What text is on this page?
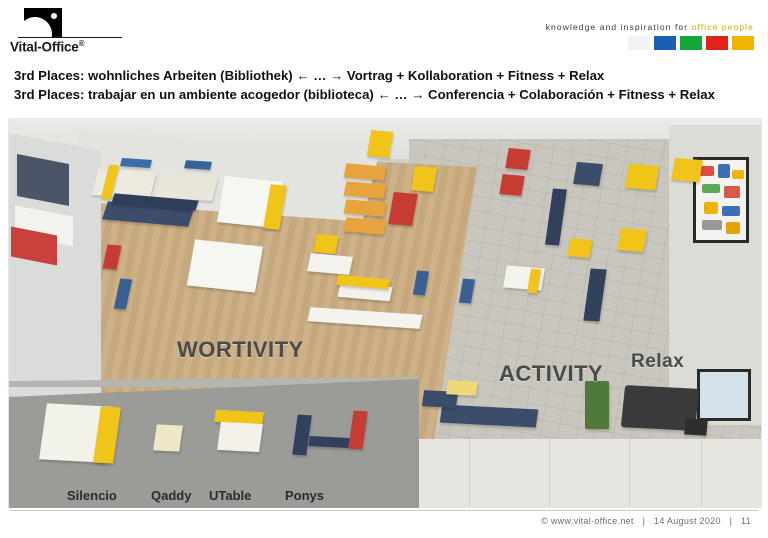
Vital-Office®
knowledge and inspiration for office people
3rd Places: wohnliches Arbeiten (Bibliothek) ← … → Vortrag + Kollaboration + Fitness + Relax
3rd Places: trabajar en un ambiente acogedor (biblioteca) ← … → Conferencia + Colaboración + Fitness + Relax
WORTIVITY
ACTIVITY Relax
Silencio	Qaddy UTable	Ponys
© www.vital-office.net | 14 August 2020 | 11
